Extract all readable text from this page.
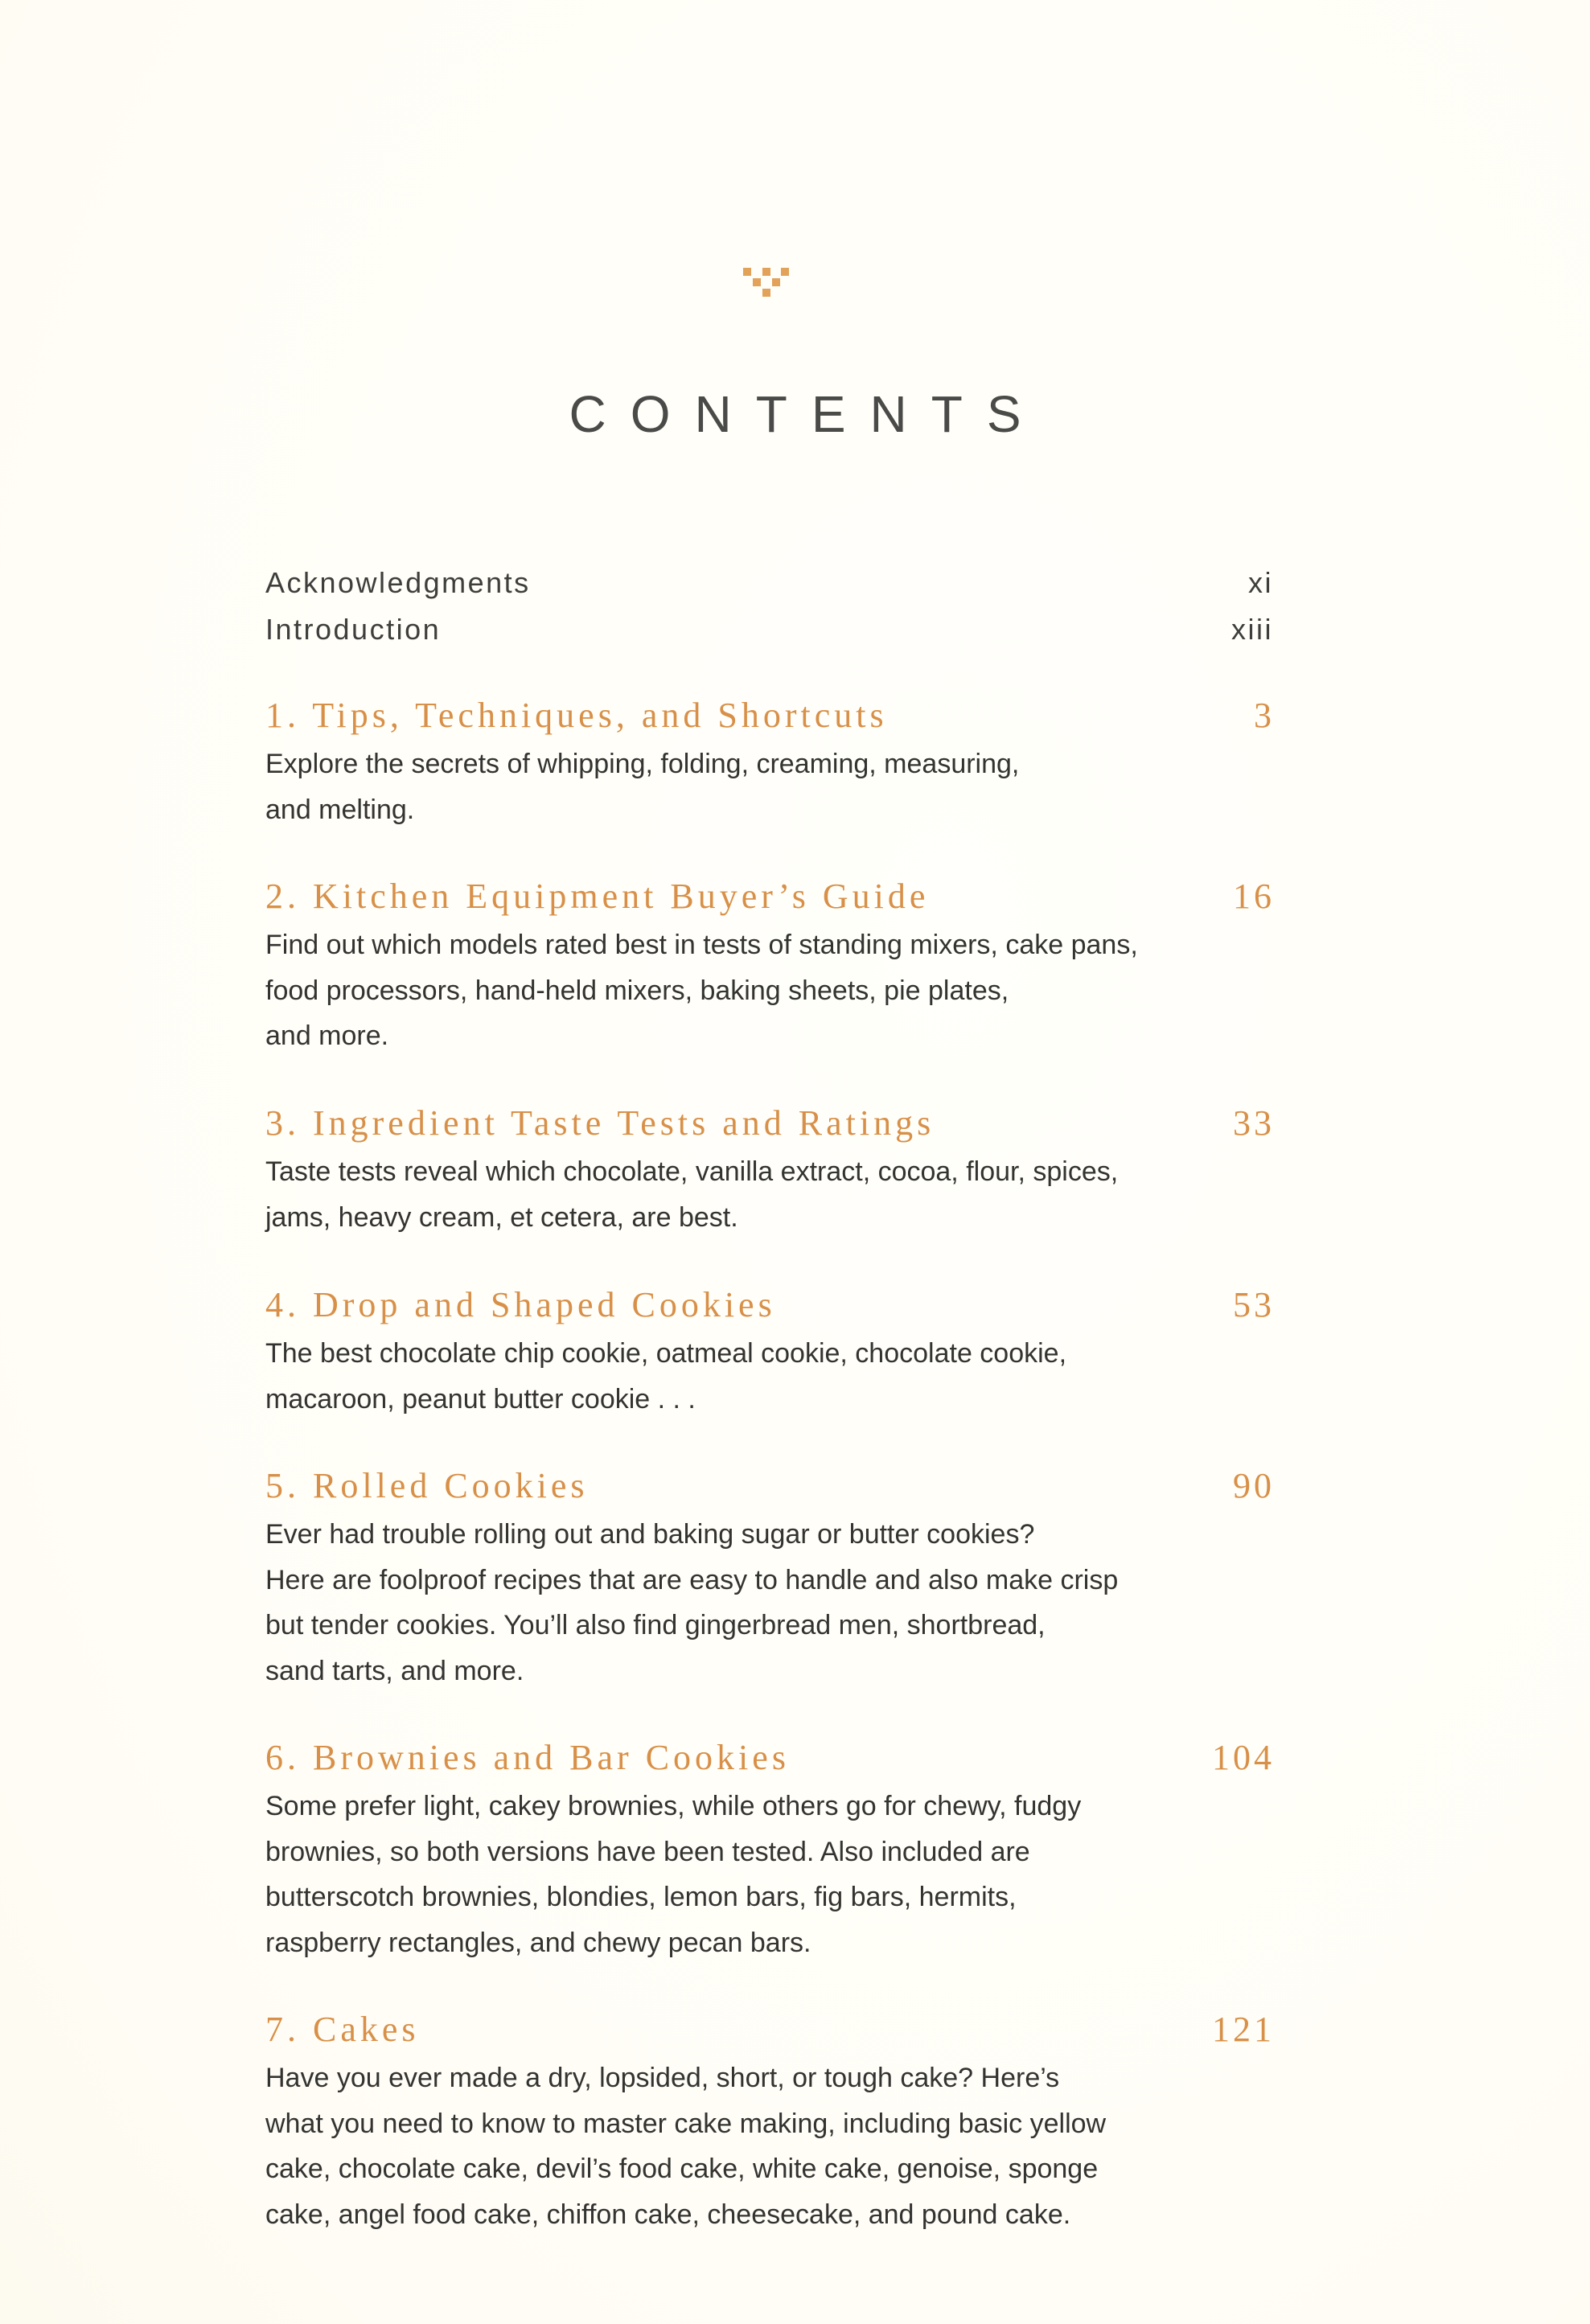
CONTENTS
Acknowledgments	xi
Introduction	xiii
1. Tips, Techniques, and Shortcuts	3
Explore the secrets of whipping, folding, creaming, measuring,
and melting.
2. Kitchen Equipment Buyer’s Guide	16
Find out which models rated best in tests of standing mixers, cake pans,
food processors, hand-held mixers, baking sheets, pie plates,
and more.
3. Ingredient Taste Tests and Ratings	33
Taste tests reveal which chocolate, vanilla extract, cocoa, flour, spices,
jams, heavy cream, et cetera, are best.
4. Drop and Shaped Cookies	53
The best chocolate chip cookie, oatmeal cookie, chocolate cookie,
macaroon, peanut butter cookie . . .
5. Rolled Cookies	90
Ever had trouble rolling out and baking sugar or butter cookies?
Here are foolproof recipes that are easy to handle and also make crisp
but tender cookies. You’ll also find gingerbread men, shortbread,
sand tarts, and more.
6. Brownies and Bar Cookies	104
Some prefer light, cakey brownies, while others go for chewy, fudgy
brownies, so both versions have been tested. Also included are
butterscotch brownies, blondies, lemon bars, fig bars, hermits,
raspberry rectangles, and chewy pecan bars.
7. Cakes	121
Have you ever made a dry, lopsided, short, or tough cake? Here’s
what you need to know to master cake making, including basic yellow
cake, chocolate cake, devil’s food cake, white cake, genoise, sponge
cake, angel food cake, chiffon cake, cheesecake, and pound cake.
